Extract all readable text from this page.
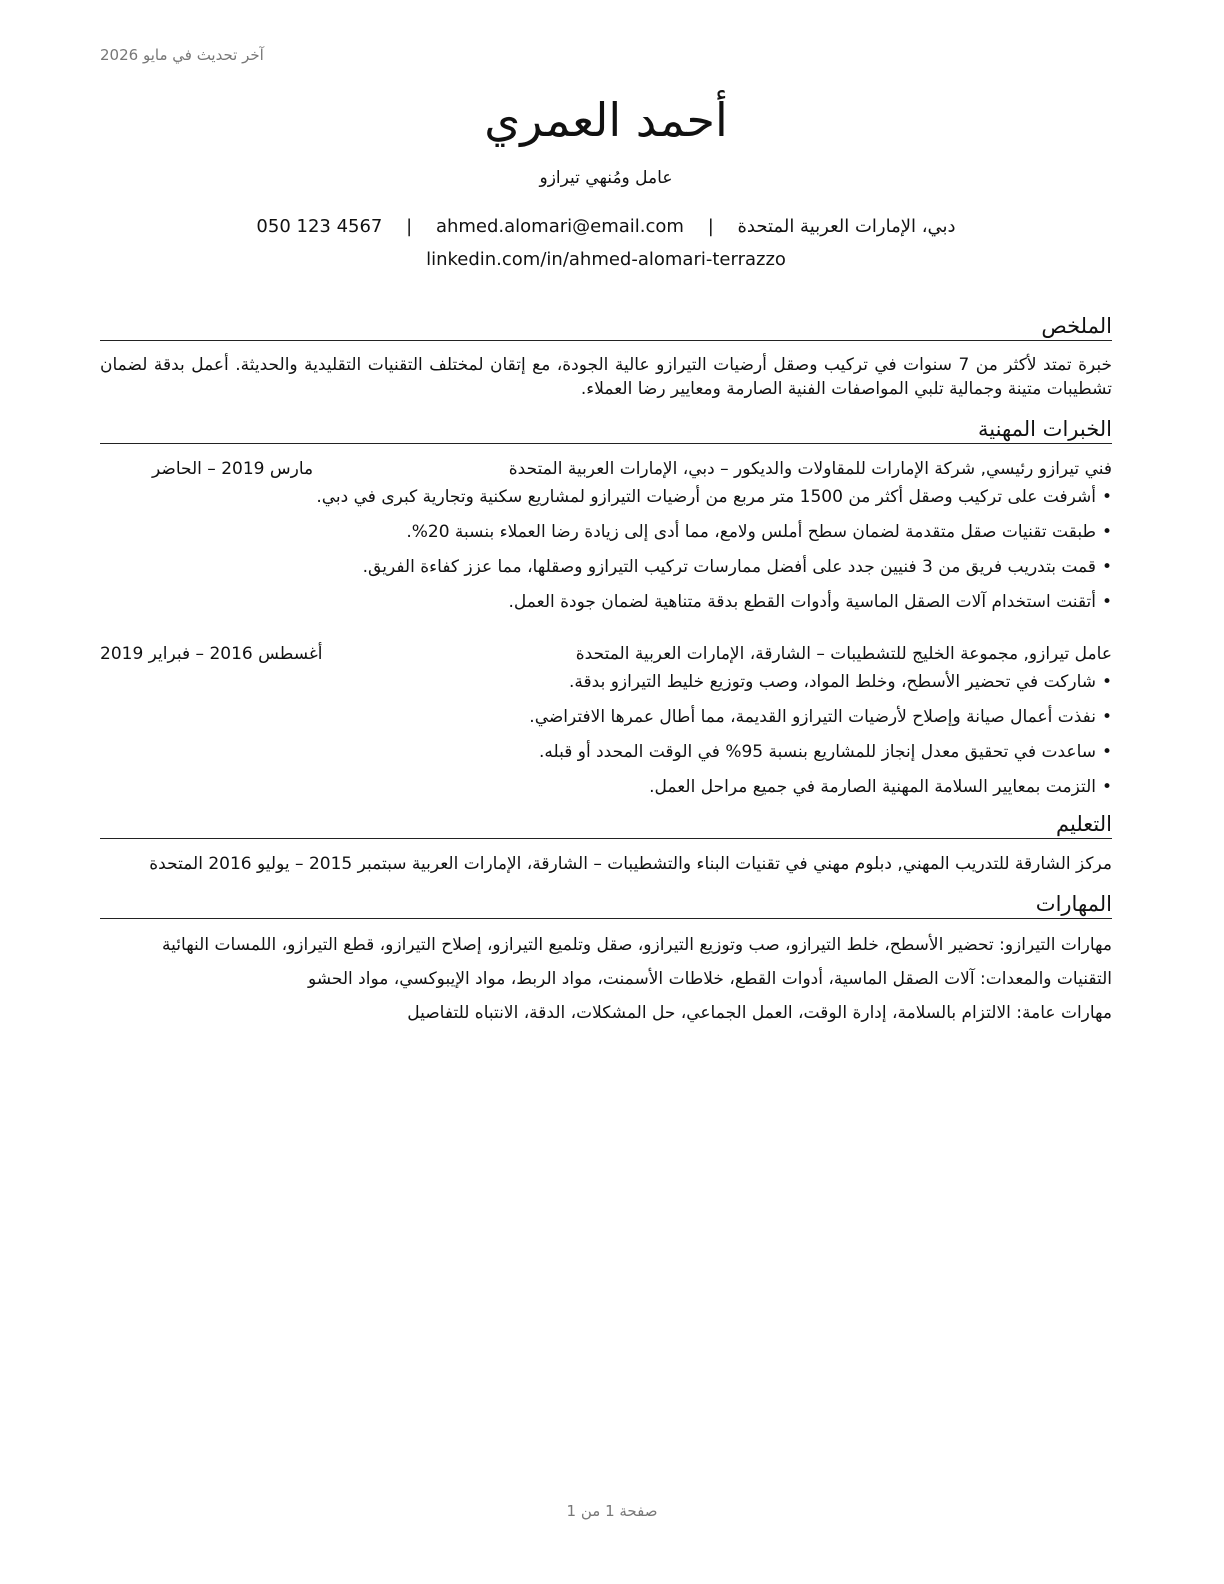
آخر تحديث في مايو 2026
أحمد العمري
عامل ومُنهي تيرازو
دبي، الإمارات العربية المتحدة | ahmed.alomari@email.com | 050 123 4567
linkedin.com/in/ahmed-alomari-terrazzo
الملخص

خبرة تمتد لأكثر من 7 سنوات في تركيب وصقل أرضيات التيرازو عالية الجودة، مع إتقان لمختلف التقنيات التقليدية والحديثة. أعمل بدقة لضمان تشطيبات متينة وجمالية تلبي المواصفات الفنية الصارمة ومعايير رضا العملاء.

الخبرات المهنية
فني تيرازو رئيسي, شركة الإمارات للمقاولات والديكور – دبي، الإمارات العربية المتحدة
مارس 2019 – الحاضر
•
أشرفت على تركيب وصقل أكثر من 1500 متر مربع من أرضيات التيرازو لمشاريع سكنية وتجارية كبرى في دبي.
•
طبقت تقنيات صقل متقدمة لضمان سطح أملس ولامع، مما أدى إلى زيادة رضا العملاء بنسبة 20%.
•
قمت بتدريب فريق من 3 فنيين جدد على أفضل ممارسات تركيب التيرازو وصقلها، مما عزز كفاءة الفريق.
•
أتقنت استخدام آلات الصقل الماسية وأدوات القطع بدقة متناهية لضمان جودة العمل.
عامل تيرازو, مجموعة الخليج للتشطيبات – الشارقة، الإمارات العربية المتحدة
أغسطس 2016 – فبراير 2019
•
شاركت في تحضير الأسطح، وخلط المواد، وصب وتوزيع خليط التيرازو بدقة.
•
نفذت أعمال صيانة وإصلاح لأرضيات التيرازو القديمة، مما أطال عمرها الافتراضي.
•
ساعدت في تحقيق معدل إنجاز للمشاريع بنسبة 95% في الوقت المحدد أو قبله.
•
التزمت بمعايير السلامة المهنية الصارمة في جميع مراحل العمل.
التعليم

مركز الشارقة للتدريب المهني, دبلوم مهني في تقنيات البناء والتشطيبات – الشارقة، الإمارات العربية سبتمبر 2015 – يوليو 2016 المتحدة

المهارات

مهارات التيرازو: تحضير الأسطح، خلط التيرازو، صب وتوزيع التيرازو، صقل وتلميع التيرازو، إصلاح التيرازو، قطع التيرازو، اللمسات النهائية

التقنيات والمعدات: آلات الصقل الماسية، أدوات القطع، خلاطات الأسمنت، مواد الربط، مواد الإيبوكسي، مواد الحشو

مهارات عامة: الالتزام بالسلامة، إدارة الوقت، العمل الجماعي، حل المشكلات، الدقة، الانتباه للتفاصيل

صفحة 1 من 1
